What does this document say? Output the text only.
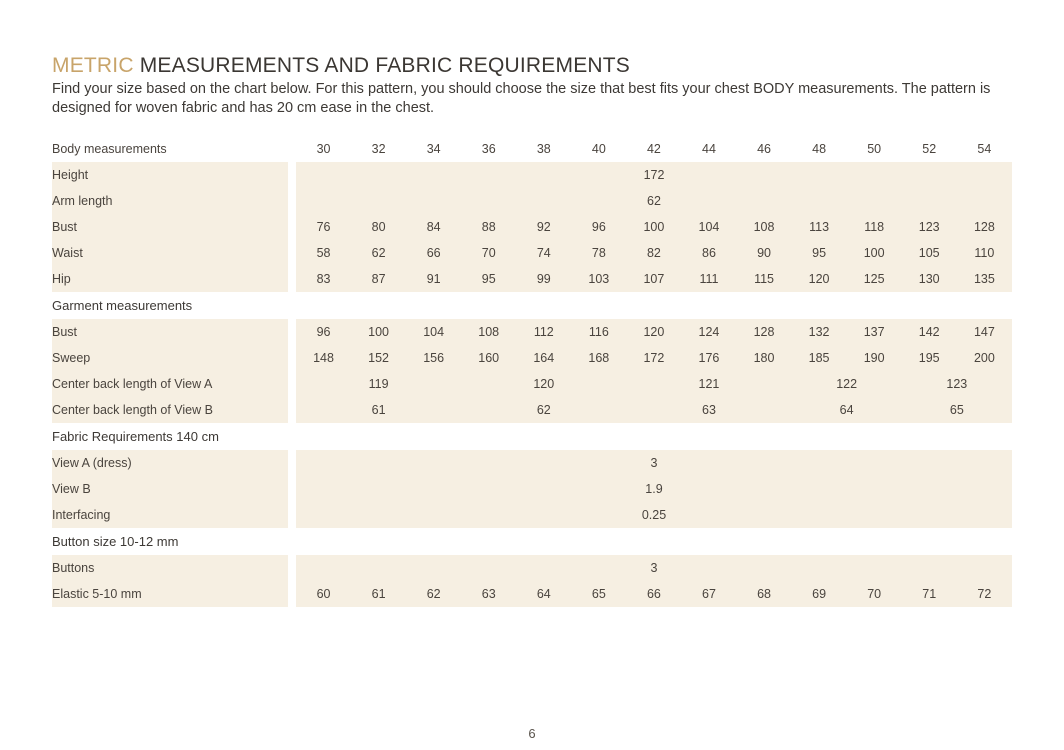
METRIC MEASUREMENTS AND FABRIC REQUIREMENTS
Find your size based on the chart below. For this pattern, you should choose the size that best fits your chest BODY measurements. The pattern is designed for woven fabric and has 20 cm ease in the chest.
Body measurements		30	32	34	36	38	40	42	44	46	48	50	52	54
Height		172												
Arm length		62												
Bust		76	80	84	88	92	96	100	104	108	113	118	123	128
Waist		58	62	66	70	74	78	82	86	90	95	100	105	110
Hip		83	87	91	95	99	103	107	111	115	120	125	130	135
Garment measurements														
Bust		96	100	104	108	112	116	120	124	128	132	137	142	147
Sweep		148	152	156	160	164	168	172	176	180	185	190	195	200
Center back length of View A		119			120			121			122		123	
Center back length of View B		61			62			63			64		65	
Fabric Requirements 140 cm														
View A (dress)		3												
View B		1.9												
Interfacing		0.25												
Button size 10-12 mm														
Buttons		3												
Elastic 5-10 mm		60	61	62	63	64	65	66	67	68	69	70	71	72
6
